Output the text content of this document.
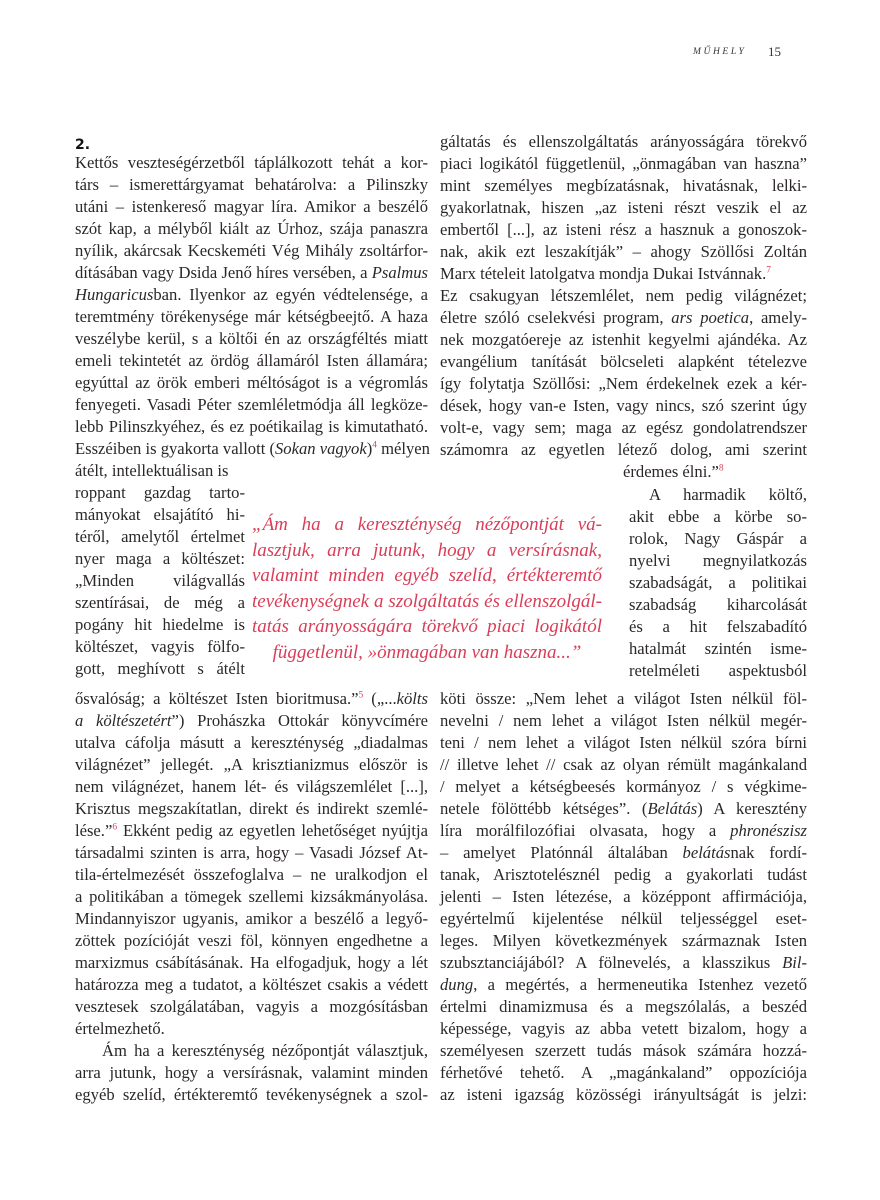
MŰHELY 15
2.
Kettős veszteségérzetből táplálkozott tehát a kor-
társ – ismerettárgyamat behatárolva: a Pilinszky
utáni – istenkereső magyar líra. Amikor a beszélő
szót kap, a mélyből kiált az Úrhoz, szája panaszra
nyílik, akárcsak Kecskeméti Vég Mihály zsoltárfor-
dításában vagy Dsida Jenő híres versében, a Psalmus
Hungaricusban. Ilyenkor az egyén védtelensége, a
teremtmény törékenysége már kétségbeejtő. A haza
veszélybe kerül, s a költői én az országféltés miatt
emeli tekintetét az ördög államáról Isten államára;
egyúttal az örök emberi méltóságot is a végromlás
fenyegeti. Vasadi Péter szemléletmódja áll legköze-
lebb Pilinszkyéhez, és ez poétikailag is kimutatható.
Esszéiben is gyakorta vallott (Sokan vagyok)$^4$ mélyen
átélt, intellektuálisan is
roppant gazdag tarto-
mányokat elsajátító hi-
téről, amelytől értelmet
nyer maga a költészet:
„Minden világvallás
szentírásai, de még a
pogány hit hiedelme is
költészet, vagyis fölfo-
gott, meghívott s átélt
ősvalóság; a költészet Isten bioritmusa.”$^5$ („...költs
a költészetért”) Prohászka Ottokár könyvcímére
utalva cáfolja másutt a kereszténység „diadalmas
világnézet” jellegét. „A krisztianizmus először is
nem világnézet, hanem lét- és világszemlélet [...],
Krisztus megszakítatlan, direkt és indirekt szemlé-
lése.”$^6$ Ekként pedig az egyetlen lehetőséget nyújtja
társadalmi szinten is arra, hogy – Vasadi József At-
tila-értelmezését összefoglalva – ne uralkodjon el
a politikában a tömegek szellemi kizsákmányolása.
Mindannyiszor ugyanis, amikor a beszélő a legyő-
zöttek pozícióját veszi föl, könnyen engedhetne a
marxizmus csábításának. Ha elfogadjuk, hogy a lét
határozza meg a tudatot, a költészet csakis a védett
vesztesek szolgálatában, vagyis a mozgósításban
értelmezhető.
Ám ha a kereszténység nézőpontját választjuk,
arra jutunk, hogy a versírásnak, valamint minden
egyéb szelíd, értékteremtő tevékenységnek a szol-
gáltatás és ellenszolgáltatás arányosságára törekvő
piaci logikától függetlenül, „önmagában van haszna”
mint személyes megbízatásnak, hivatásnak, lelki-
gyakorlatnak, hiszen „az isteni részt veszik el az
embertől [...], az isteni rész a hasznuk a gonoszok-
nak, akik ezt leszakítják” – ahogy Szöllősi Zoltán
Marx tételeit latolgatva mondja Dukai Istvánnak.$^7$
Ez csakugyan létszemlélet, nem pedig világnézet;
életre szóló cselekvési program, ars poetica, amely-
nek mozgatóereje az istenhit kegyelmi ajándéka. Az
evangélium tanítását bölcseleti alapként tételezve
így folytatja Szöllősi: „Nem érdekelnek ezek a kér-
dések, hogy van-e Isten, vagy nincs, szó szerint úgy
volt-e, vagy sem; maga az egész gondolatrendszer
számomra az egyetlen létező dolog, ami szerint
érdemes élni.”$^8$
A harmadik költő,
akit ebbe a körbe so-
rolok, Nagy Gáspár a
nyelvi megnyilatkozás
szabadságát, a politikai
szabadság kiharcolását
és a hit felszabadító
hatalmát szintén isme-
retelméleti aspektusból
köti össze: „Nem lehet a világot Isten nélkül föl-
nevelni / nem lehet a világot Isten nélkül megér-
teni / nem lehet a világot Isten nélkül szóra bírni
// illetve lehet // csak az olyan rémült magánkaland
/ melyet a kétségbeesés kormányoz / s végkime-
netele fölöttébb kétséges”. (Belátás) A keresztény
líra morálfilozófiai olvasata, hogy a phronészisz
– amelyet Platónnál általában belátásnak fordí-
tanak, Arisztotelésznél pedig a gyakorlati tudást
jelenti – Isten létezése, a középpont affirmációja,
egyértelmű kijelentése nélkül teljességgel eset-
leges. Milyen következmények származnak Isten
szubsztanciájából? A fölnevelés, a klasszikus Bil-
dung, a megértés, a hermeneutika Istenhez vezető
értelmi dinamizmusa és a megszólalás, a beszéd
képessége, vagyis az abba vetett bizalom, hogy a
személyesen szerzett tudás mások számára hozzá-
férhetővé tehető. A „magánkaland” oppozíciója
az isteni igazság közösségi irányultságát is jelzi:
„Ám ha a kereszténység nézőpontját vá-
lasztjuk, arra jutunk, hogy a versírásnak,
valamint minden egyéb szelíd, értékteremtő
tevékenységnek a szolgáltatás és ellenszolgál-
tatás arányosságára törekvő piaci logikától
függetlenül, »önmagában van haszna...”
